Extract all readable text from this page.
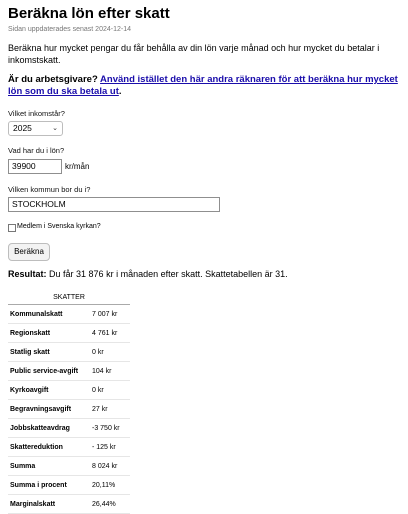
Beräkna lön efter skatt
Sidan uppdaterades senast 2024-12-14
Beräkna hur mycket pengar du får behålla av din lön varje månad och hur mycket du betalar i inkomstskatt.
Är du arbetsgivare? Använd istället den här andra räknaren för att beräkna hur mycket lön som du ska betala ut.
Vilket inkomstår?
2025	⌄
Vad har du i lön?
39900	kr/mån
Vilken kommun bor du i?
STOCKHOLM
Medlem i Svenska kyrkan?
Beräkna
Resultat: Du får 31 876 kr i månaden efter skatt. Skattetabellen är 31.
SKATTER	
Kommunalskatt	7 007 kr
Regionskatt	4 761 kr
Statlig skatt	0 kr
Public service-avgift	104 kr
Kyrkoavgift	0 kr
Begravningsavgift	27 kr
Jobbskatteavdrag	-3 750 kr
Skattereduktion	- 125 kr
Summa	8 024 kr
Summa i procent	20,11%
Marginalskatt	26,44%
